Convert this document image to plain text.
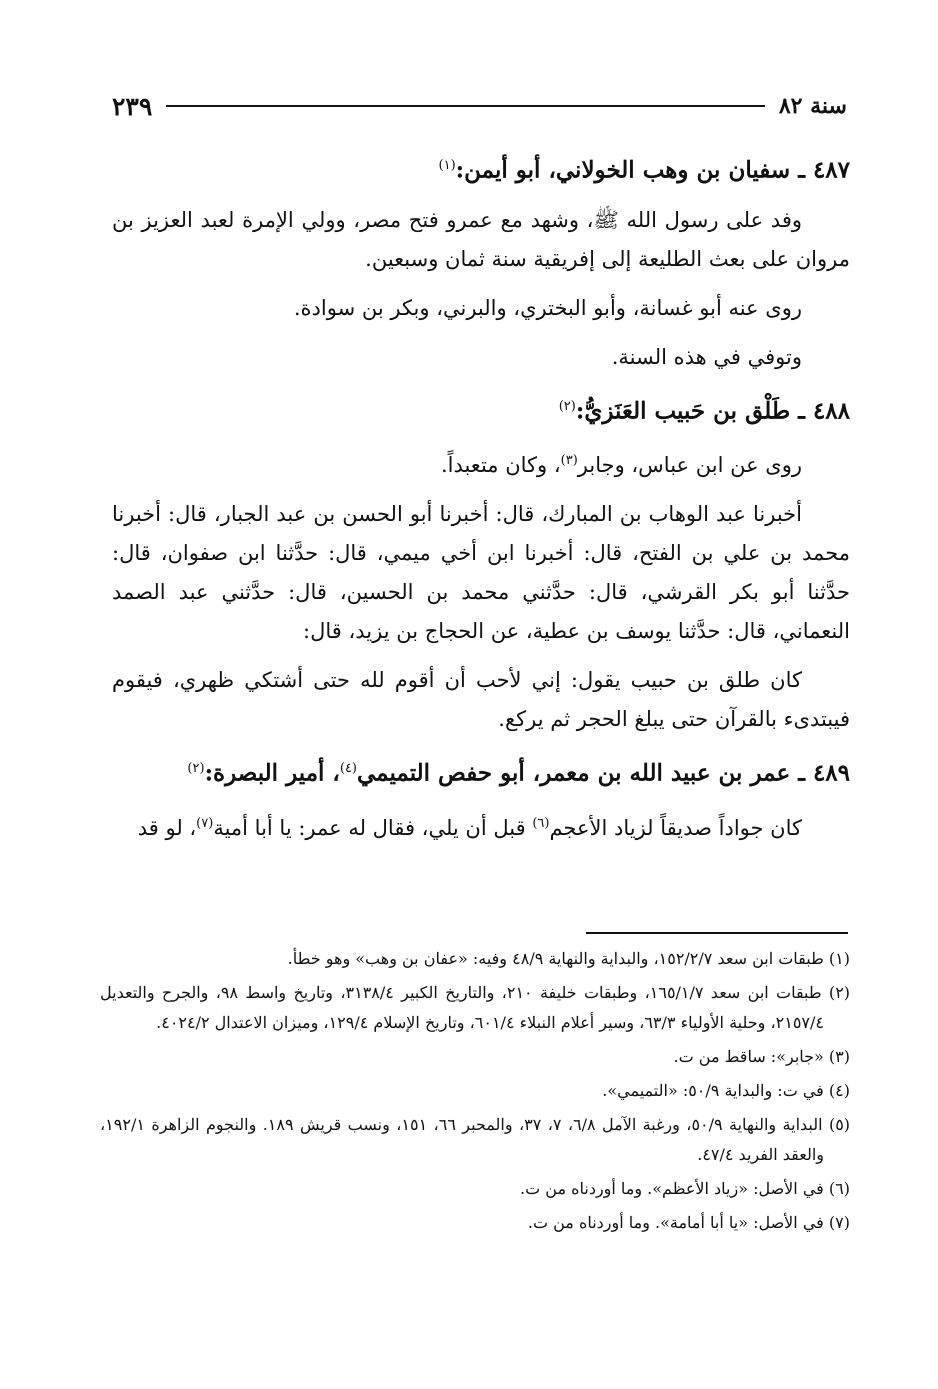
سنة ٨٢
٢٣٩
٤٨٧ ـ سفيان بن وهب الخولاني، أبو أيمن:$^{(١)}$

وفد على رسول الله ﷺ، وشهد مع عمرو فتح مصر، وولي الإمرة لعبد العزيز بن مروان على بعث الطليعة إلى إفريقية سنة ثمان وسبعين.

روى عنه أبو غسانة، وأبو البختري، والبرني، وبكر بن سوادة.

وتوفي في هذه السنة.

٤٨٨ ـ طَلْق بن حَبيب العَنَزيُّ:$^{(٢)}$

روى عن ابن عباس، وجابر$^{(٣)}$، وكان متعبداً.

أخبرنا عبد الوهاب بن المبارك، قال: أخبرنا أبو الحسن بن عبد الجبار، قال: أخبرنا محمد بن علي بن الفتح، قال: أخبرنا ابن أخي ميمي، قال: حدَّثنا ابن صفوان، قال: حدَّثنا أبو بكر القرشي، قال: حدَّثني محمد بن الحسين، قال: حدَّثني عبد الصمد النعماني، قال: حدَّثنا يوسف بن عطية، عن الحجاج بن يزيد، قال:

كان طلق بن حبيب يقول: إني لأحب أن أقوم لله حتى أشتكي ظهري، فيقوم فيبتدىء بالقرآن حتى يبلغ الحجر ثم يركع.

٤٨٩ ـ عمر بن عبيد الله بن معمر، أبو حفص التميمي$^{(٤)}$، أمير البصرة:$^{(٢)}$

كان جواداً صديقاً لزياد الأعجم$^{(٦)}$ قبل أن يلي، فقال له عمر: يا أبا أمية$^{(٧)}$، لو قد

(١) طبقات ابن سعد ١٥٢/٢/٧، والبداية والنهاية ٤٨/٩ وفيه: «عفان بن وهب» وهو خطأ.

(٢) طبقات ابن سعد ١٦٥/١/٧، وطبقات خليفة ٢١٠، والتاريخ الكبير ٣١٣٨/٤، وتاريخ واسط ٩٨، والجرح والتعديل ٢١٥٧/٤، وحلية الأولياء ٦٣/٣، وسير أعلام النبلاء ٦٠١/٤، وتاريخ الإسلام ١٢٩/٤، وميزان الاعتدال ٤٠٢٤/٢.

(٣) «جابر»: ساقط من ت.

(٤) في ت: والبداية ٥٠/٩: «التميمي».

(٥) البداية والنهاية ٥٠/٩، ورغبة الآمل ٦/٨، ٧، ٣٧، والمحبر ٦٦، ١٥١، ونسب قريش ١٨٩. والنجوم الزاهرة ١٩٢/١، والعقد الفريد ٤٧/٤.

(٦) في الأصل: «زياد الأعظم». وما أوردناه من ت.

(٧) في الأصل: «يا أبا أمامة». وما أوردناه من ت.
